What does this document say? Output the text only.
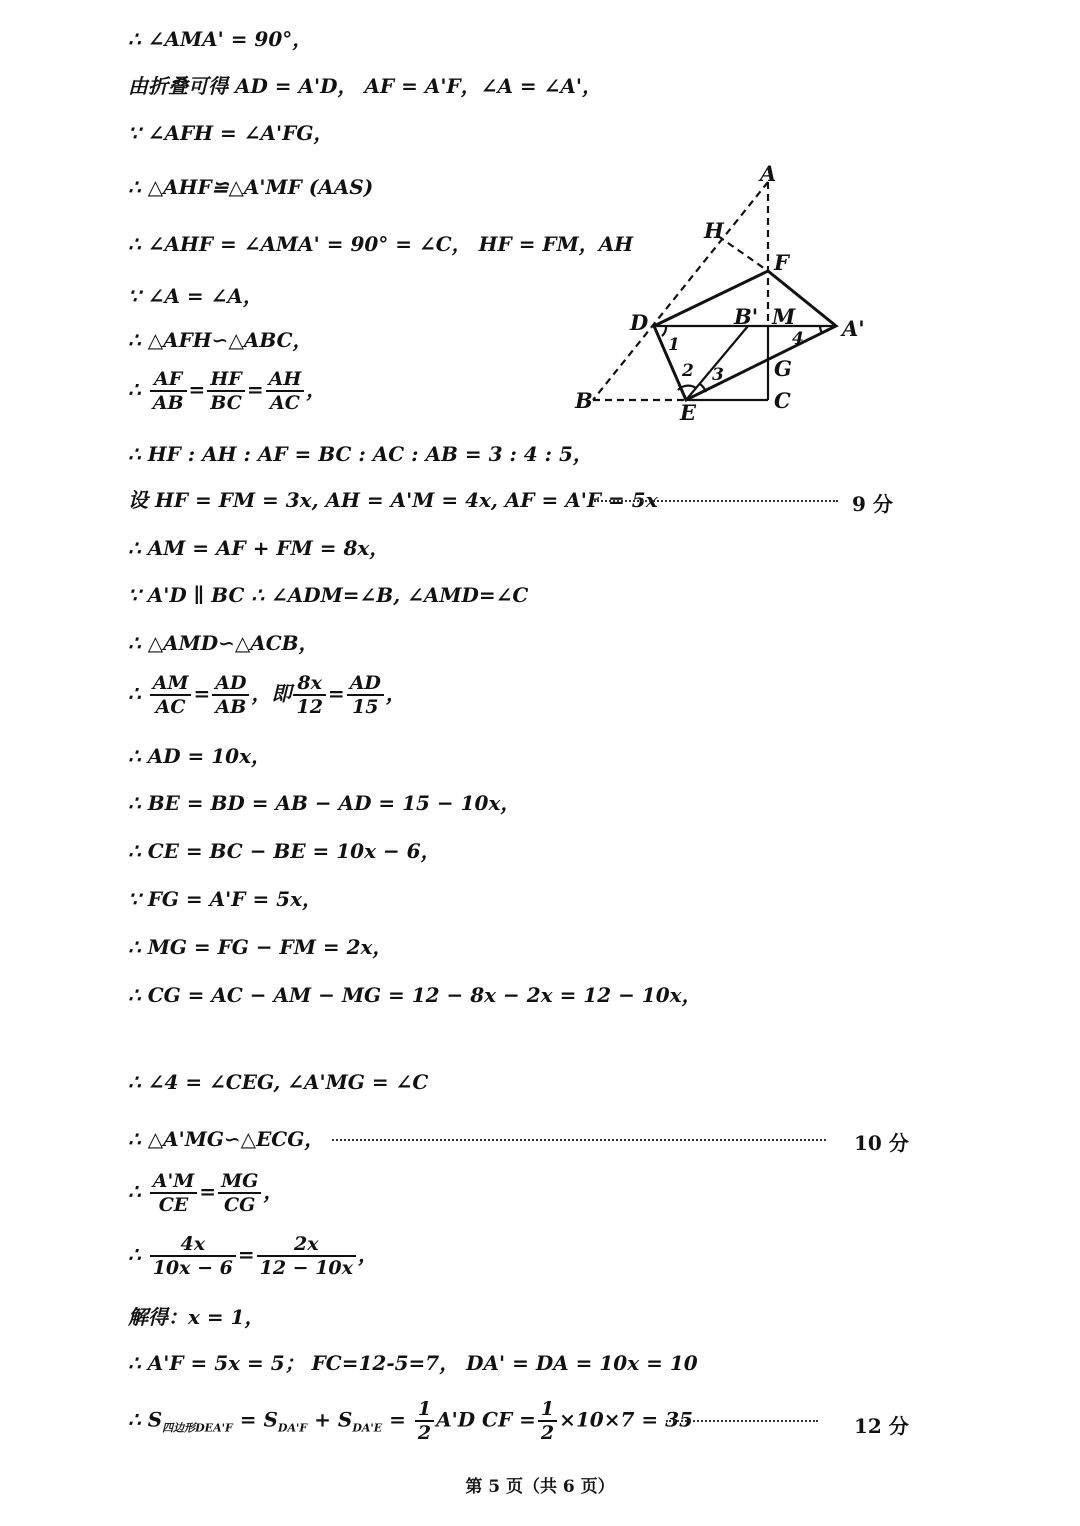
∴ ∠AMA' = 90°，
由折叠可得 AD = A'D， AF = A'F，∠A = ∠A'，
∵ ∠AFH = ∠A'FG，
∴ △AHF≌△A'MF (AAS)
∴ ∠AHF = ∠AMA' = 90° = ∠C， HF = FM，AH
∵ ∠A = ∠A，
∴ △AFH∽△ABC，
∴ $\frac{AF}{AB} = \frac{HF}{BC} = \frac{AH}{AC}$ ，
∴ HF : AH : AF = BC : AC : AB = 3 : 4 : 5，
设 HF = FM = 3x, AH = A'M = 4x, AF = A'F = 5x	9 分
∴ AM = AF + FM = 8x，
∵ A'D ∥ BC ∴ ∠ADM=∠B, ∠AMD=∠C
∴ △AMD∽△ACB，
∴ $\frac{AM}{AC} = \frac{AD}{AB}$ ，即 $\frac{8x}{12} = \frac{AD}{15}$ ，
∴ AD = 10x，
∴ BE = BD = AB − AD = 15 − 10x，
∴ CE = BC − BE = 10x − 6，
∵ FG = A'F = 5x，
∴ MG = FG − FM = 2x，
∴ CG = AC − AM − MG = 12 − 8x − 2x = 12 − 10x，
∴ ∠4 = ∠CEG, ∠A'MG = ∠C
∴ △A'MG∽△ECG，	10 分
∴ $\frac{A'M}{CE} = \frac{MG}{CG}$ ，
∴ $\frac{4x}{10x - 6} = \frac{2x}{12 - 10x}$ ，
解得：x = 1，
∴ A'F = 5x = 5； FC=12-5=7， DA' = DA = 10x = 10
∴ $S_{四边形DEA'F} = S_{DA'F} + S_{DA'E} = \frac{1}{2} A'D$ CF = $\frac{1}{2} \times 10\times 7 = 35$	12 分
第 5 页（共 6 页）
A
H
F
D	B' M A'
B	E	C
G
1
2 3
4
